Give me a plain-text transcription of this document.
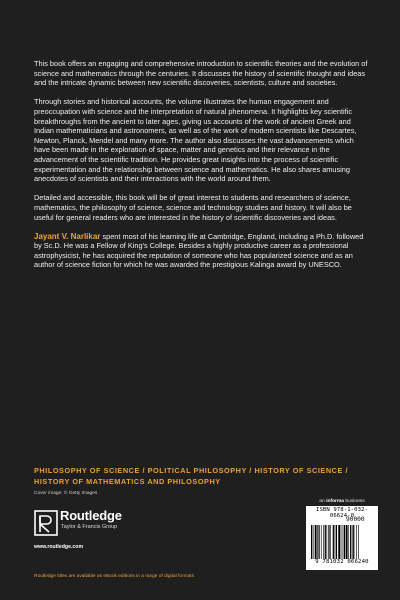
This book offers an engaging and comprehensive introduction to scientific theories and the evolution of science and mathematics through the centuries. It discusses the history of scientific thought and ideas and the intricate dynamic between new scientific discoveries, scientists, culture and societies.

Through stories and historical accounts, the volume illustrates the human engagement and preoccupation with science and the interpretation of natural phenomena. It highlights key scientific breakthroughs from the ancient to later ages, giving us accounts of the work of ancient Greek and Indian mathematicians and astronomers, as well as of the work of modern scientists like Descartes, Newton, Planck, Mendel and many more. The author also discusses the vast advancements which have been made in the exploration of space, matter and genetics and their relevance in the advancement of the scientific tradition. He provides great insights into the process of scientific experimentation and the relationship between science and mathematics. He also shares amusing anecdotes of scientists and their interactions with the world around them.

Detailed and accessible, this book will be of great interest to students and researchers of science, mathematics, the philosophy of science, science and technology studies and history. It will also be useful for general readers who are interested in the history of scientific discoveries and ideas.

Jayant V. Narlikar spent most of his learning life at Cambridge, England, including a Ph.D. followed by Sc.D. He was a Fellow of King's College. Besides a highly productive career as a professional astrophysicist, he has acquired the reputation of someone who has popularized science and as an author of science fiction for which he was awarded the prestigious Kalinga award by UNESCO.

PHILOSOPHY OF SCIENCE / POLITICAL PHILOSOPHY / HISTORY OF SCIENCE /
HISTORY OF MATHEMATICS AND PHILOSOPHY
Cover image: © Getty Images
Routledge
Taylor & Francis Group
www.routledge.com
an informa business
ISBN 978-1-032-06624-0
90000
9 781032 066240
Routledge titles are available as eBook editions in a range of digital formats
